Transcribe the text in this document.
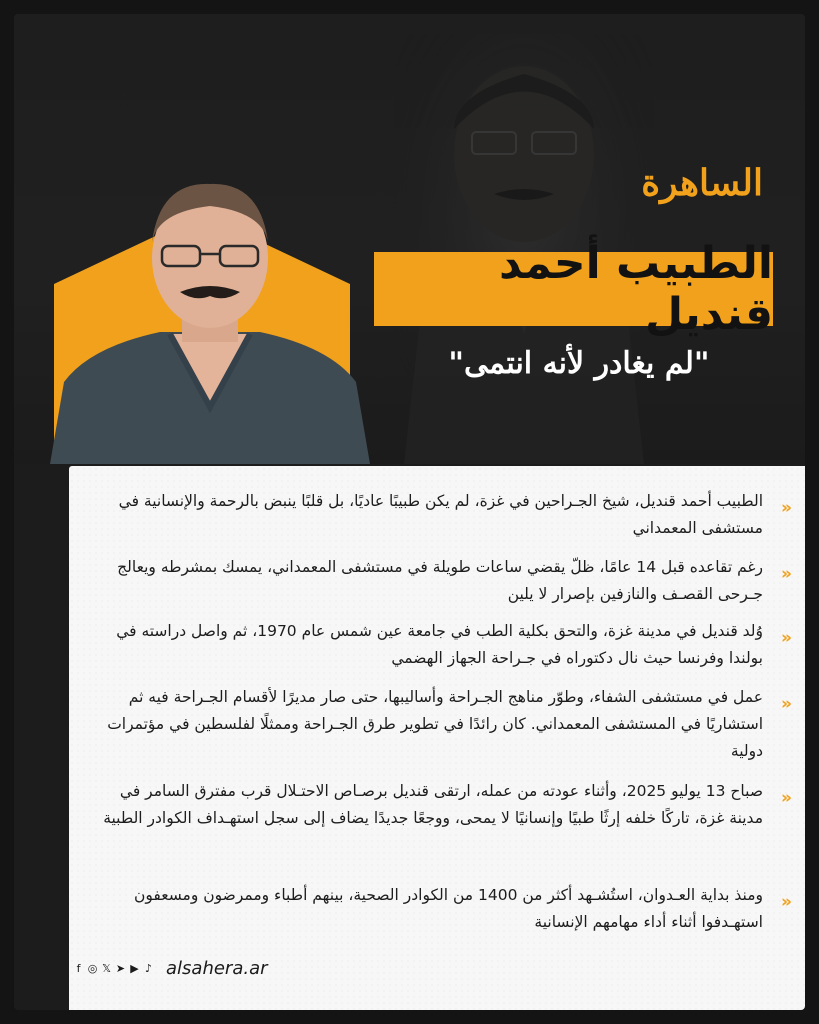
الساهرة
الطبيب أحمد قنديل
"لم يغادر لأنه انتمى"
»
الطبيب أحمد قنديل، شيخ الجـراحين في غزة، لم يكن طبيبًا عاديًا، بل قلبًا ينبض بالرحمة والإنسانية في مستشفى المعمداني
»
رغم تقاعده قبل 14 عامًا، ظلّ يقضي ساعات طويلة في مستشفى المعمداني، يمسك بمشرطه ويعالج جـرحى القصـف والنازفين بإصرار لا يلين
»
وُلد قنديل في مدينة غزة، والتحق بكلية الطب في جامعة عين شمس عام 1970، ثم واصل دراسته في بولندا وفرنسا حيث نال دكتوراه في جـراحة الجهاز الهضمي
»
عمل في مستشفى الشفاء، وطوّر مناهج الجـراحة وأساليبها، حتى صار مديرًا لأقسام الجـراحة فيه ثم استشاريًا في المستشفى المعمداني. كان رائدًا في تطوير طرق الجـراحة وممثلًا لفلسطين في مؤتمرات دولية
»
صباح 13 يوليو 2025، وأثناء عودته من عمله، ارتقى قنديل برصـاص الاحتـلال قرب مفترق السامر في مدينة غزة، تاركًا خلفه إرثًا طبيًا وإنسانيًا لا يمحى، ووجعًا جديدًا يضاف إلى سجل استهـداف الكوادر الطبية
»
ومنذ بداية العـدوان، استُشـهد أكثر من 1400 من الكوادر الصحية، بينهم أطباء وممرضون ومسعفون استهـدفوا أثناء أداء مهامهم الإنسانية
f ◎ 𝕏 ➤ ▶ ♪ alsahera.ar
